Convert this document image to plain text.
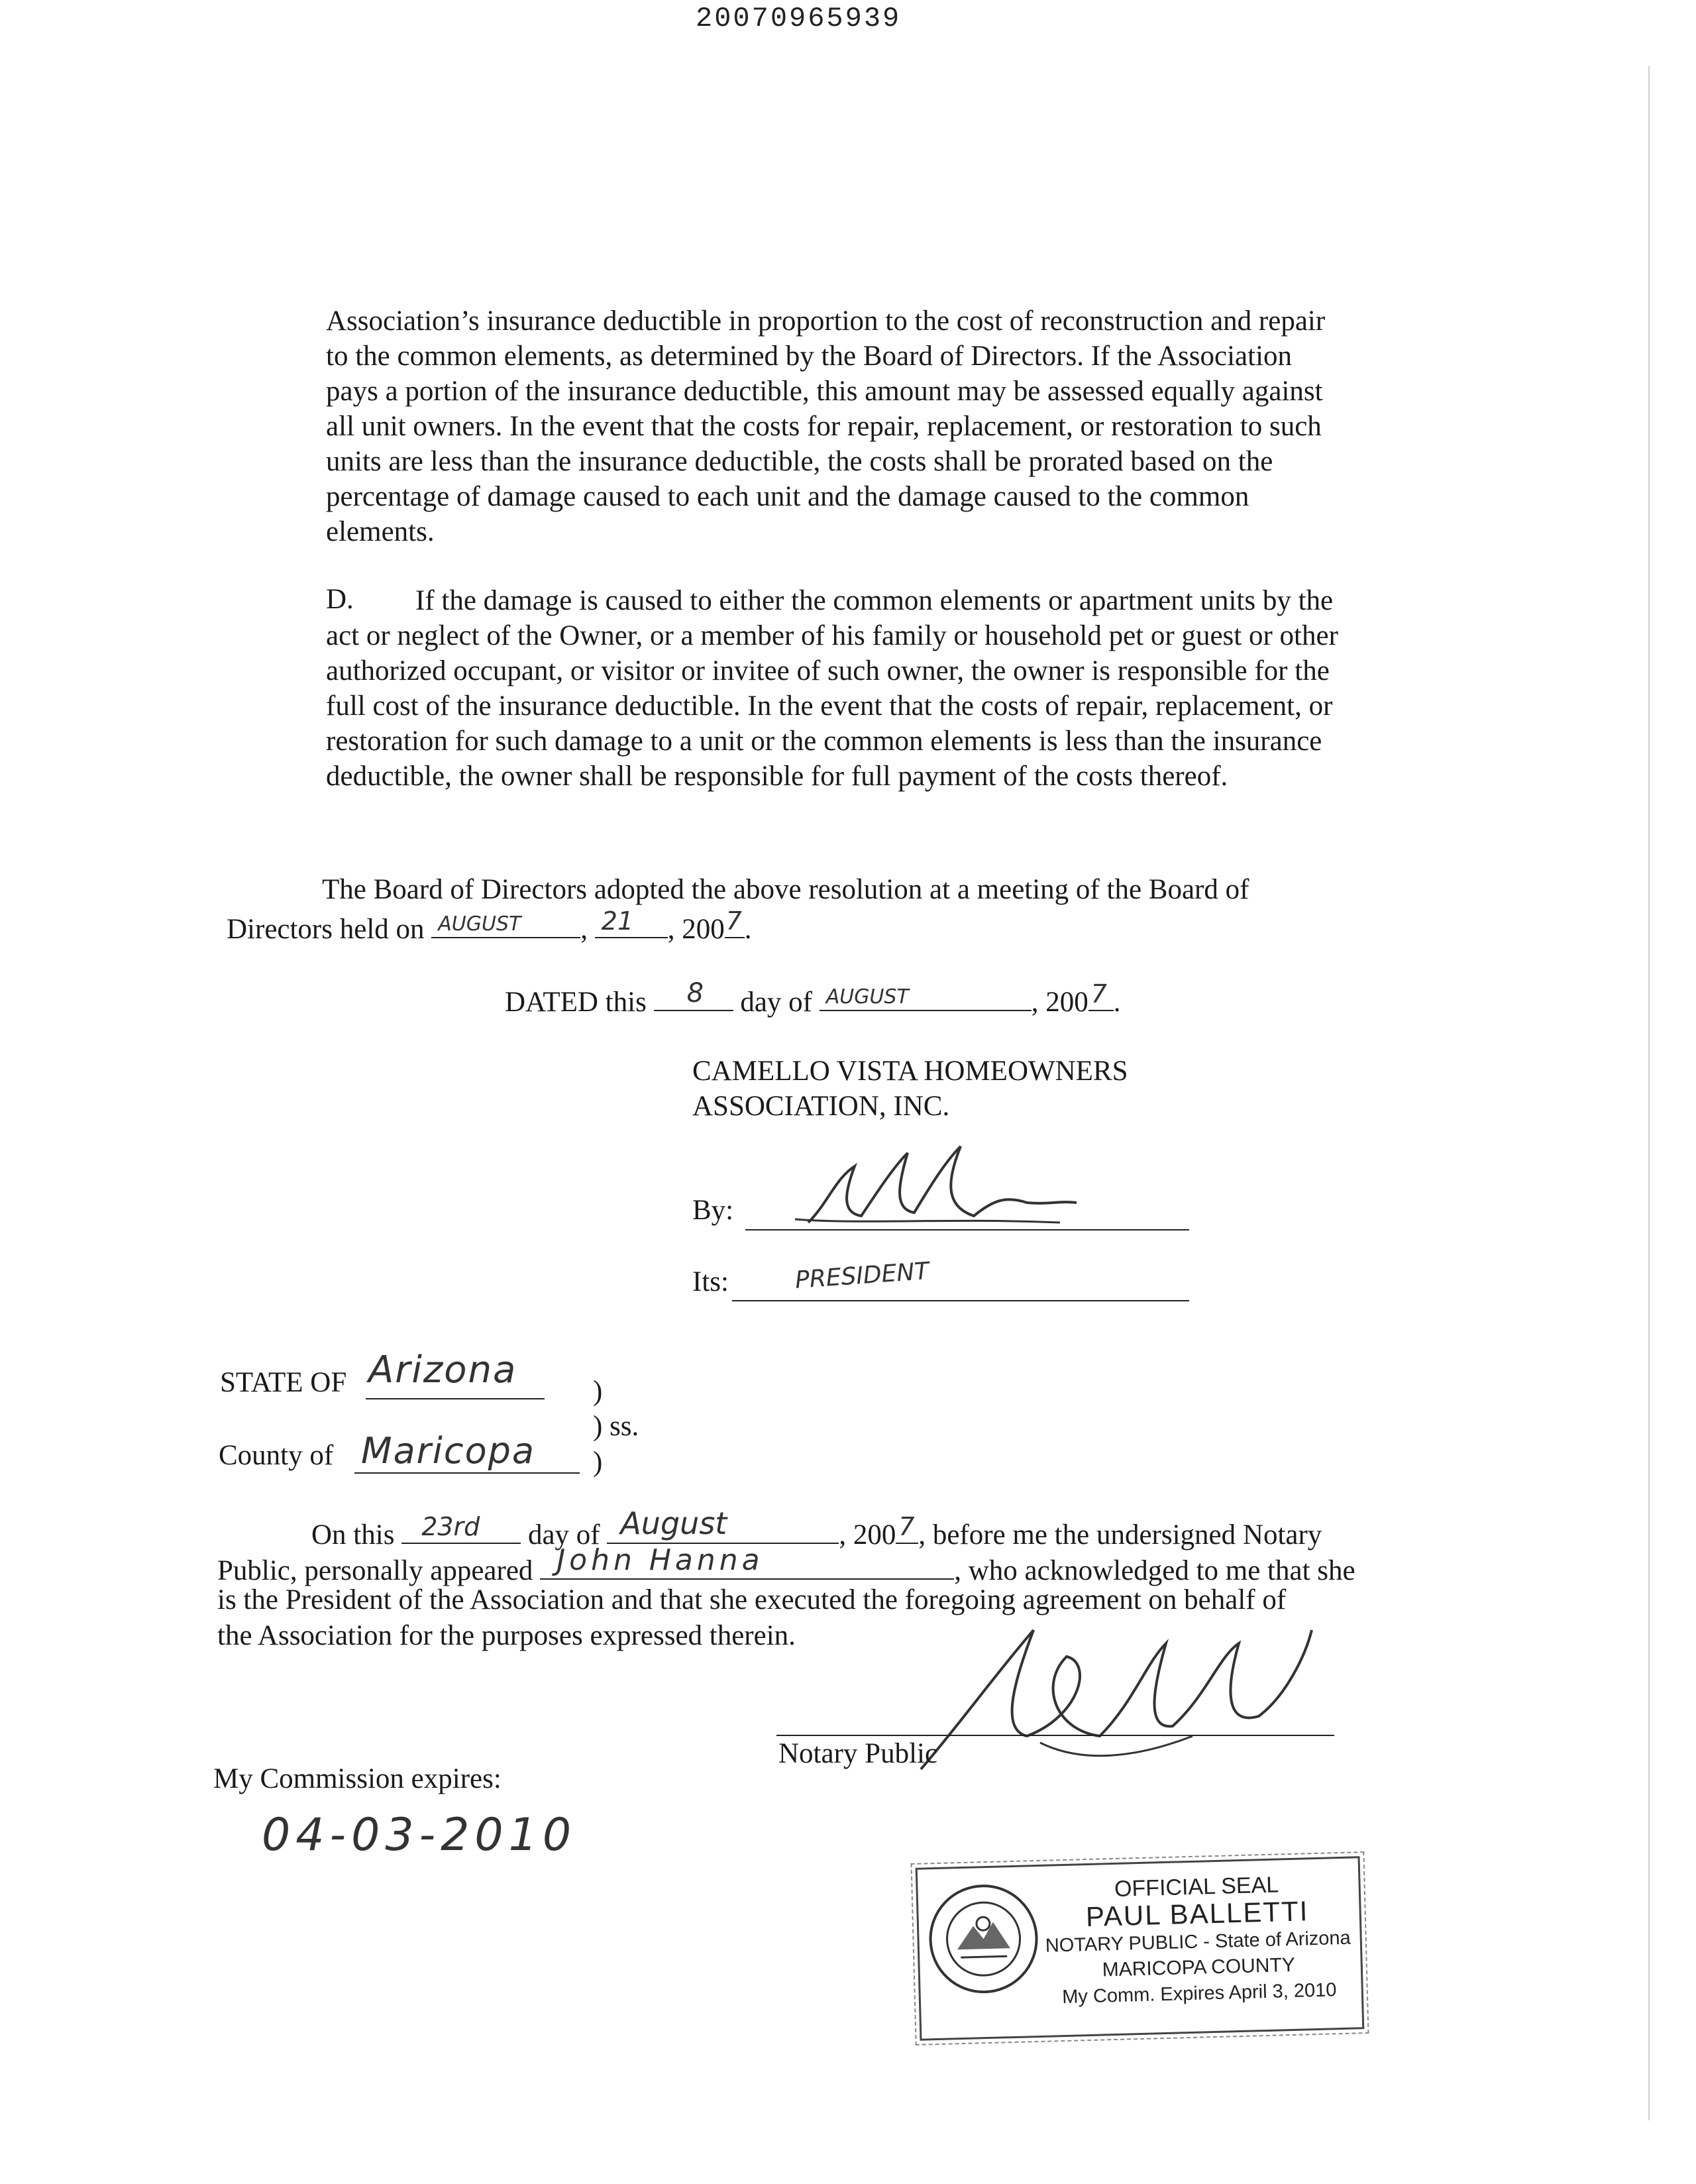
20070965939
Association’s insurance deductible in proportion to the cost of reconstruction and repair
to the common elements, as determined by the Board of Directors. If the Association
pays a portion of the insurance deductible, this amount may be assessed equally against
all unit owners. In the event that the costs for repair, replacement, or restoration to such
units are less than the insurance deductible, the costs shall be prorated based on the
percentage of damage caused to each unit and the damage caused to the common
elements.
D.	If the damage is caused to either the common elements or apartment units by the
act or neglect of the Owner, or a member of his family or household pet or guest or other
authorized occupant, or visitor or invitee of such owner, the owner is responsible for the
full cost of the insurance deductible. In the event that the costs of repair, replacement, or
restoration for such damage to a unit or the common elements is less than the insurance
deductible, the owner shall be responsible for full payment of the costs thereof.
The Board of Directors adopted the above resolution at a meeting of the Board of
Directors held on AUGUST , 21 , 200 7 .
DATED this 8 day of AUGUST	, 200 7 .
CAMELLO VISTA HOMEOWNERS
ASSOCIATION, INC.
By:
Its:	PRESIDENT
STATE OF Arizona	)
) ss.
County of Maricopa )
On this 23rd day of August	, 200 7 , before me the undersigned Notary
Public, personally appeared John Hanna	, who acknowledged to me that she
is the President of the Association and that she executed the foregoing agreement on behalf of
the Association for the purposes expressed therein.
Notary Public
My Commission expires:
04-03-2010
OFFICIAL SEAL
PAUL BALLETTI
NOTARY PUBLIC - State of Arizona
MARICOPA COUNTY
My Comm. Expires April 3, 2010
